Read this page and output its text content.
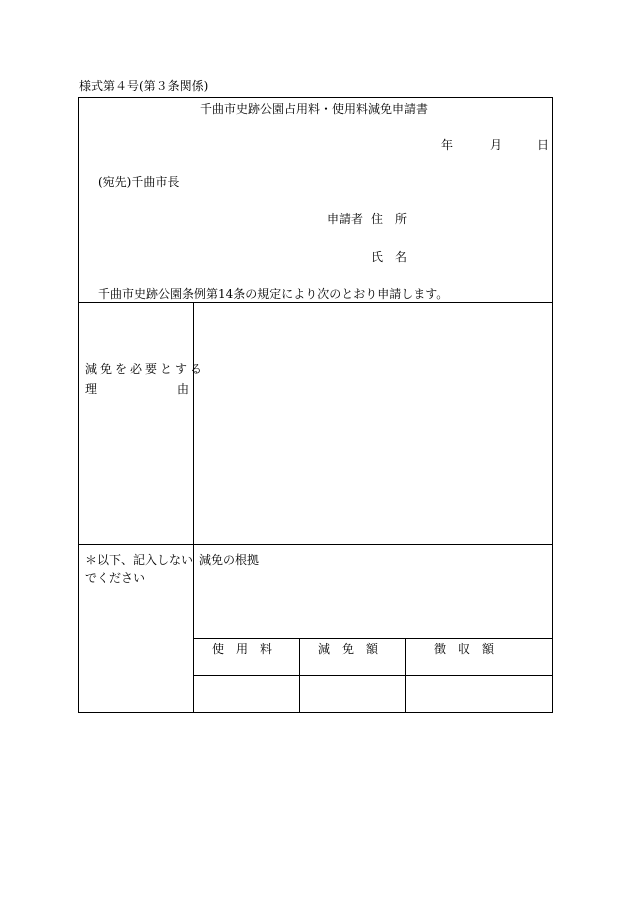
様式第４号(第３条関係)
千曲市史跡公園占用料・使用料減免申請書
年	月	日
(宛先)千曲市長
申請者 住　所
氏　名
千曲市史跡公園条例第14条の規定により次のとおり申請します。
減免を必要とする
理	由
＊以下、記入しない
でください
減免の根拠
使　用　料	減　免　額	徴　収　額
